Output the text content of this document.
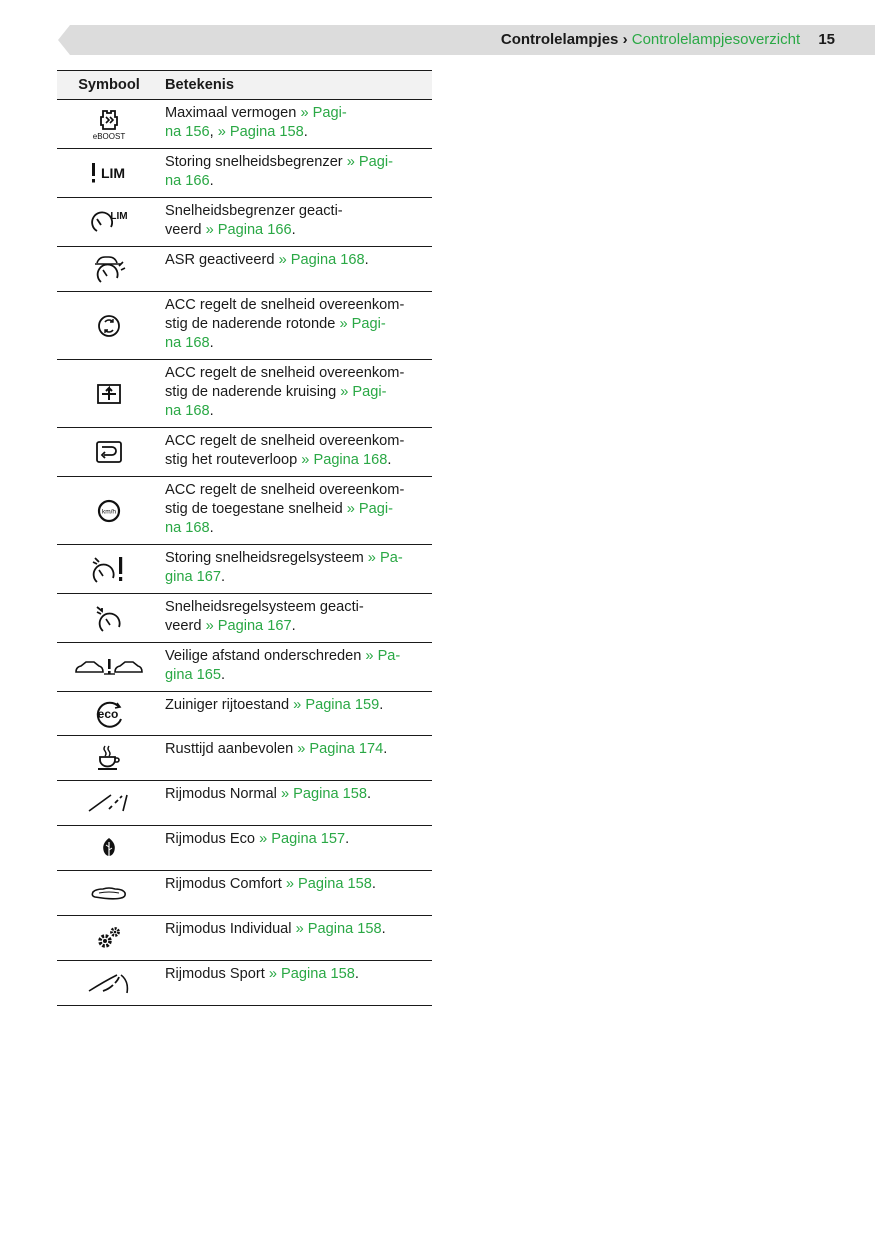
Controlelampjes › Controlelampjesoverzicht 15
Symbool	Betekenis

eBOOST	Maximaal vermogen » Pagi-
na 156, » Pagina 158.

LIM	Storing snelheidsbegrenzer » Pagi-
na 166.

LIM	Snelheidsbegrenzer geacti-
veerd » Pagina 166.

	ASR geactiveerd » Pagina 168.

	ACC regelt de snelheid overeenkom-
stig de naderende rotonde » Pagi-
na 168.

	ACC regelt de snelheid overeenkom-
stig de naderende kruising » Pagi-
na 168.

	ACC regelt de snelheid overeenkom-
stig het routeverloop » Pagina 168.

km/h	ACC regelt de snelheid overeenkom-
stig de toegestane snelheid » Pagi-
na 168.

	Storing snelheidsregelsysteem » Pa-
gina 167.

	Snelheidsregelsysteem geacti-
veerd » Pagina 167.

	Veilige afstand onderschreden » Pa-
gina 165.

eco	Zuiniger rijtoestand » Pagina 159.

	Rusttijd aanbevolen » Pagina 174.

	Rijmodus Normal » Pagina 158.

	Rijmodus Eco » Pagina 157.

	Rijmodus Comfort » Pagina 158.

	Rijmodus Individual » Pagina 158.

	Rijmodus Sport » Pagina 158.
